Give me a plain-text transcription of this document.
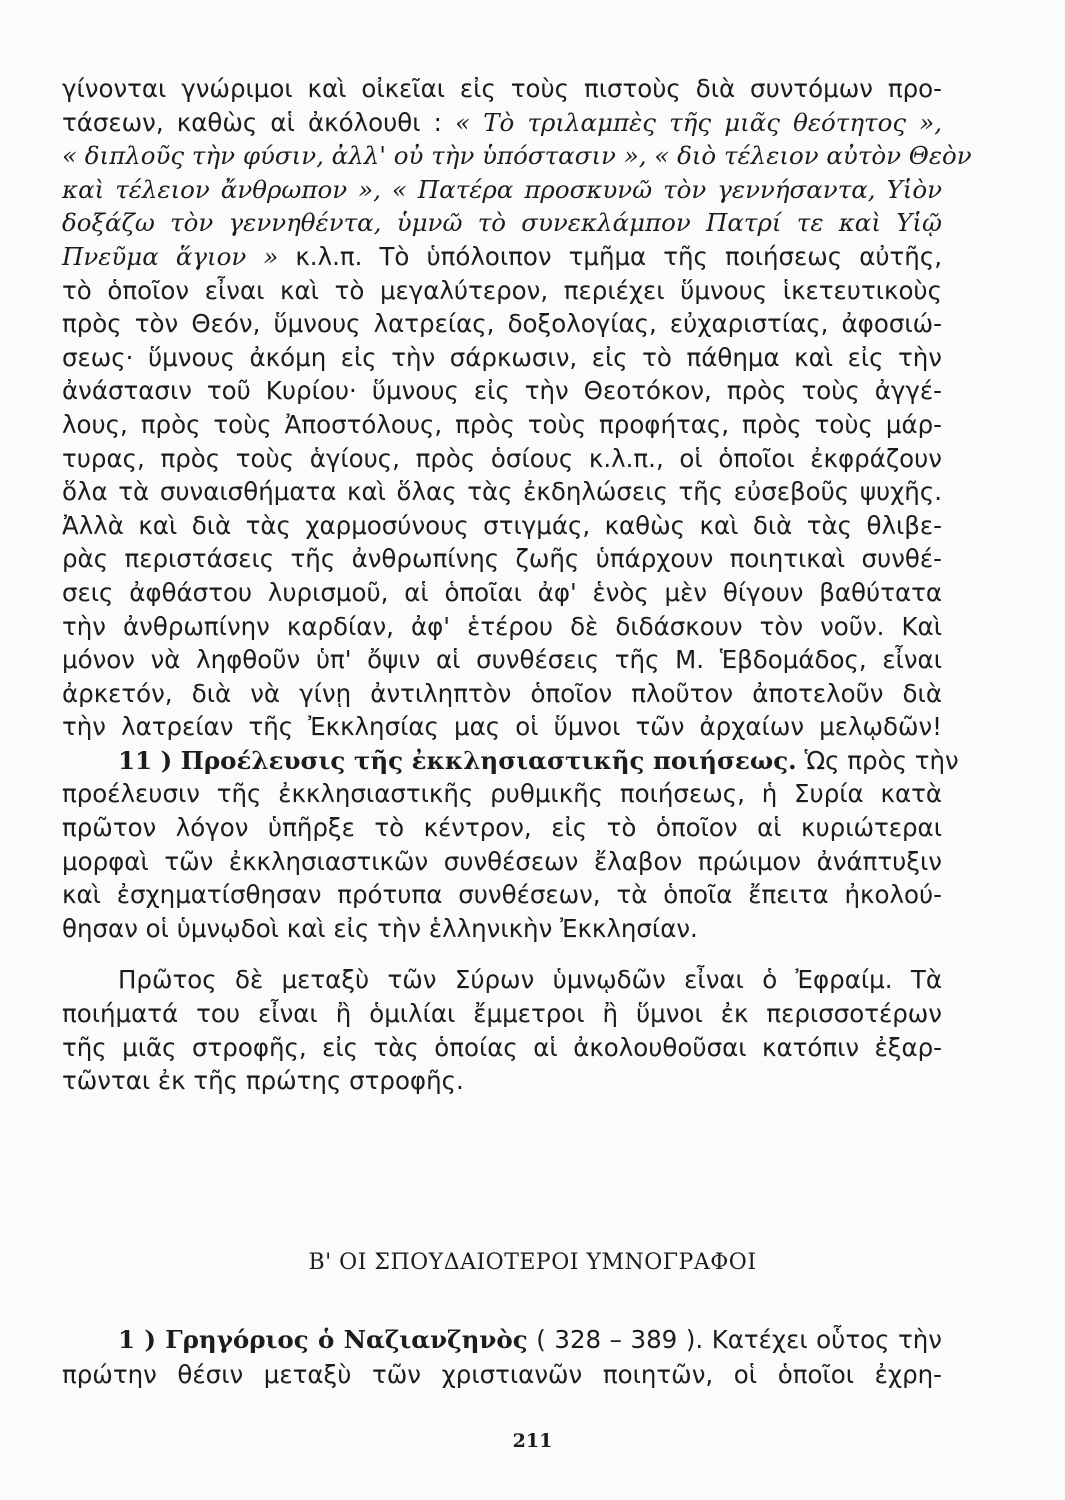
γίνονται γνώριμοι καὶ οἰκεῖαι εἰς τοὺς πιστοὺς διὰ συντόμων προ-
τάσεων, καθὼς αἱ ἀκόλουθι : « Τὸ τριλαμπὲς τῆς μιᾶς θεότητος »,
« διπλοῦς τὴν φύσιν, ἀλλ' οὐ τὴν ὑπόστασιν », « διὸ τέλειον αὐτὸν Θεὸν
καὶ τέλειον ἄνθρωπον », « Πατέρα προσκυνῶ τὸν γεννήσαντα, Υἱὸν
δοξάζω τὸν γεννηθέντα, ὑμνῶ τὸ συνεκλάμπον Πατρί τε καὶ Υἱῷ
Πνεῦμα ἅγιον » κ.λ.π. Τὸ ὑπόλοιπον τμῆμα τῆς ποιήσεως αὐτῆς,
τὸ ὁποῖον εἶναι καὶ τὸ μεγαλύτερον, περιέχει ὕμνους ἱκετευτικοὺς
πρὸς τὸν Θεόν, ὕμνους λατρείας, δοξολογίας, εὐχαριστίας, ἀφοσιώ-
σεως· ὕμνους ἀκόμη εἰς τὴν σάρκωσιν, εἰς τὸ πάθημα καὶ εἰς τὴν
ἀνάστασιν τοῦ Κυρίου· ὕμνους εἰς τὴν Θεοτόκον, πρὸς τοὺς ἀγγέ-
λους, πρὸς τοὺς Ἀποστόλους, πρὸς τοὺς προφήτας, πρὸς τοὺς μάρ-
τυρας, πρὸς τοὺς ἁγίους, πρὸς ὁσίους κ.λ.π., οἱ ὁποῖοι ἐκφράζουν
ὅλα τὰ συναισθήματα καὶ ὅλας τὰς ἐκδηλώσεις τῆς εὐσεβοῦς ψυχῆς.
Ἀλλὰ καὶ διὰ τὰς χαρμοσύνους στιγμάς, καθὼς καὶ διὰ τὰς θλιβε-
ρὰς περιστάσεις τῆς ἀνθρωπίνης ζωῆς ὑπάρχουν ποιητικαὶ συνθέ-
σεις ἀφθάστου λυρισμοῦ, αἱ ὁποῖαι ἀφ' ἑνὸς μὲν θίγουν βαθύτατα
τὴν ἀνθρωπίνην καρδίαν, ἀφ' ἑτέρου δὲ διδάσκουν τὸν νοῦν. Καὶ
μόνον νὰ ληφθοῦν ὑπ' ὄψιν αἱ συνθέσεις τῆς Μ. Ἑβδομάδος, εἶναι
ἀρκετόν, διὰ νὰ γίνῃ ἀντιληπτὸν ὁποῖον πλοῦτον ἀποτελοῦν διὰ
τὴν λατρείαν τῆς Ἐκκλησίας μας οἱ ὕμνοι τῶν ἀρχαίων μελῳδῶν!
11 ) Προέλευσις τῆς ἐκκλησιαστικῆς ποιήσεως. Ὡς πρὸς τὴν
προέλευσιν τῆς ἐκκλησιαστικῆς ρυθμικῆς ποιήσεως, ἡ Συρία κατὰ
πρῶτον λόγον ὑπῆρξε τὸ κέντρον, εἰς τὸ ὁποῖον αἱ κυριώτεραι
μορφαὶ τῶν ἐκκλησιαστικῶν συνθέσεων ἔλαβον πρώιμον ἀνάπτυξιν
καὶ ἐσχηματίσθησαν πρότυπα συνθέσεων, τὰ ὁποῖα ἔπειτα ἠκολού-
θησαν οἱ ὑμνῳδοὶ καὶ εἰς τὴν ἑλληνικὴν Ἐκκλησίαν.
Πρῶτος δὲ μεταξὺ τῶν Σύρων ὑμνῳδῶν εἶναι ὁ Ἐφραίμ. Τὰ
ποιήματά του εἶναι ἢ ὁμιλίαι ἔμμετροι ἢ ὕμνοι ἐκ περισσοτέρων
τῆς μιᾶς στροφῆς, εἰς τὰς ὁποίας αἱ ἀκολουθοῦσαι κατόπιν ἐξαρ-
τῶνται ἐκ τῆς πρώτης στροφῆς.
Β' ΟΙ ΣΠΟΥΔΑΙΟΤΕΡΟΙ ΥΜΝΟΓΡΑΦΟΙ
1 ) Γρηγόριος ὁ Ναζιανζηνὸς ( 328 – 389 ). Κατέχει οὗτος τὴν
πρώτην θέσιν μεταξὺ τῶν χριστιανῶν ποιητῶν, οἱ ὁποῖοι ἐχρη-
211
